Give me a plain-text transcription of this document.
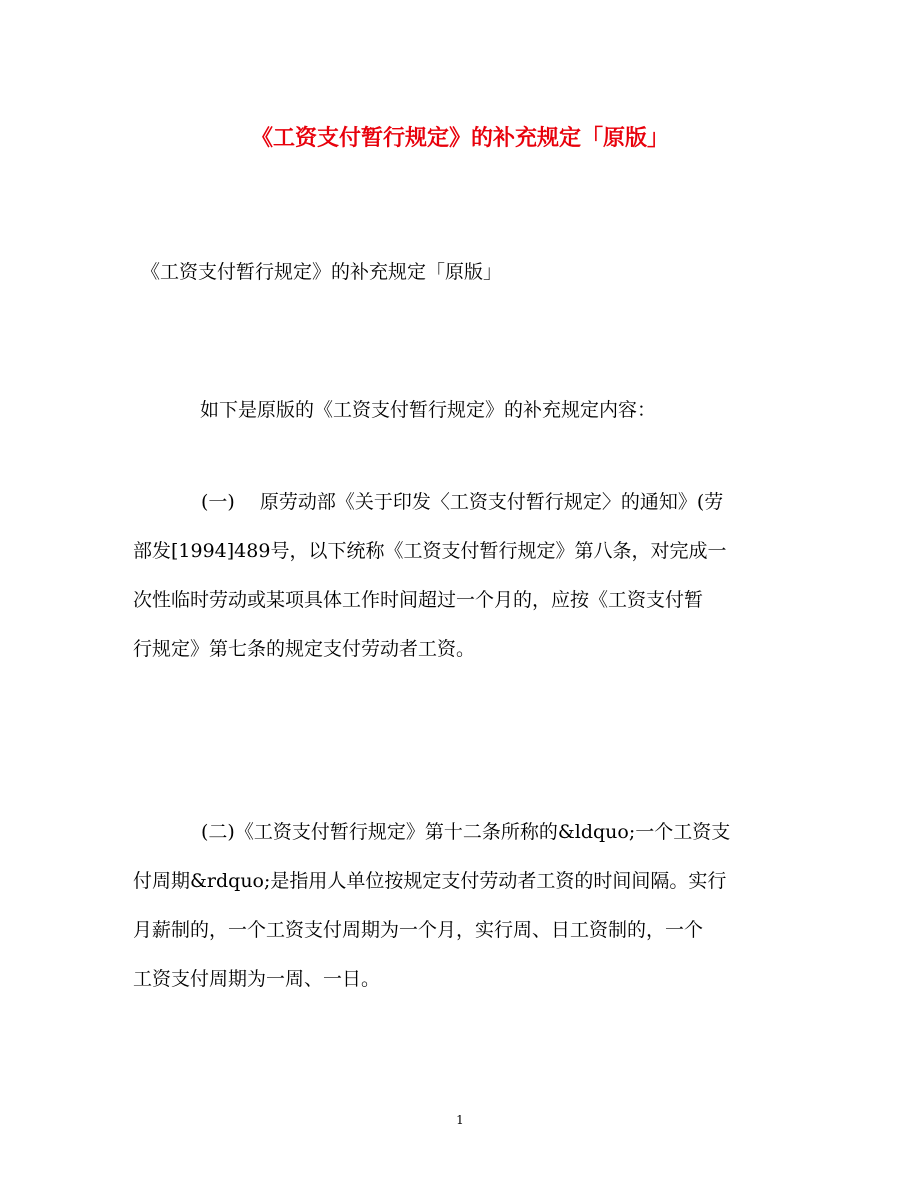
《工资支付暂行规定》的补充规定「原版」
《工资支付暂行规定》的补充规定「原版」
如下是原版的《工资支付暂行规定》的补充规定内容：
(一)　 原劳动部《关于印发〈工资支付暂行规定〉的通知》(劳
部发[1994]489号，以下统称《工资支付暂行规定》第八条，对完成一
次性临时劳动或某项具体工作时间超过一个月的，应按《工资支付暂
行规定》第七条的规定支付劳动者工资。
(二)《工资支付暂行规定》第十二条所称的&ldquo;一个工资支
付周期&rdquo;是指用人单位按规定支付劳动者工资的时间间隔。实行
月薪制的，一个工资支付周期为一个月，实行周、日工资制的，一个
工资支付周期为一周、一日。
1
